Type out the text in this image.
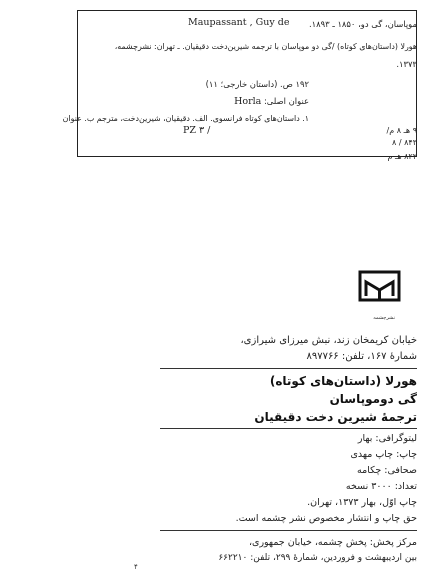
موپاسان، گی دو، ۱۸۵۰ ـ ۱۸۹۳.
Maupassant , Guy de
هورلا (داستان‌های کوتاه) /گی دو موپاسان با ترجمه شیرین‌دخت دقیقیان. ـ تهران: نشرچشمه،
۱۳۷۳.
۱۹۲ ص. (داستان خارجی؛ ۱۱)
عنوان اصلی: Horla
۱. داستان‌های کوتاه فرانسوی. الف. دقیقیان، شیرین‌دخت، مترجم ب. عنوان
۹ هـ ۸ م/
PZ ۳ /
۸۴۳ / ۸
۸۲۲ هـ م
نشرچشمه
خیابان کریمخان زند، نبش میرزای شیرازی،
شمارهٔ ۱۶۷، تلفن: ۸۹۷۷۶۶
هورلا (داستان‌های کوتاه)
گی دوموپاسان
ترجمهٔ شیرین دخت دقیقیان
لیتوگرافی: بهار
چاپ: چاپ مهدی
صحافی: چکامه
تعداد: ۳۰۰۰ نسخه
چاپ اوّل، بهار ۱۳۷۳، تهران.
حق چاپ و انتشار مخصوص نشر چشمه است.
مرکز پخش: پخش چشمه، خیابان جمهوری،
بین اردیبهشت و فروردین، شمارهٔ ۲۹۹، تلفن: ۶۶۲۲۱۰
۴
